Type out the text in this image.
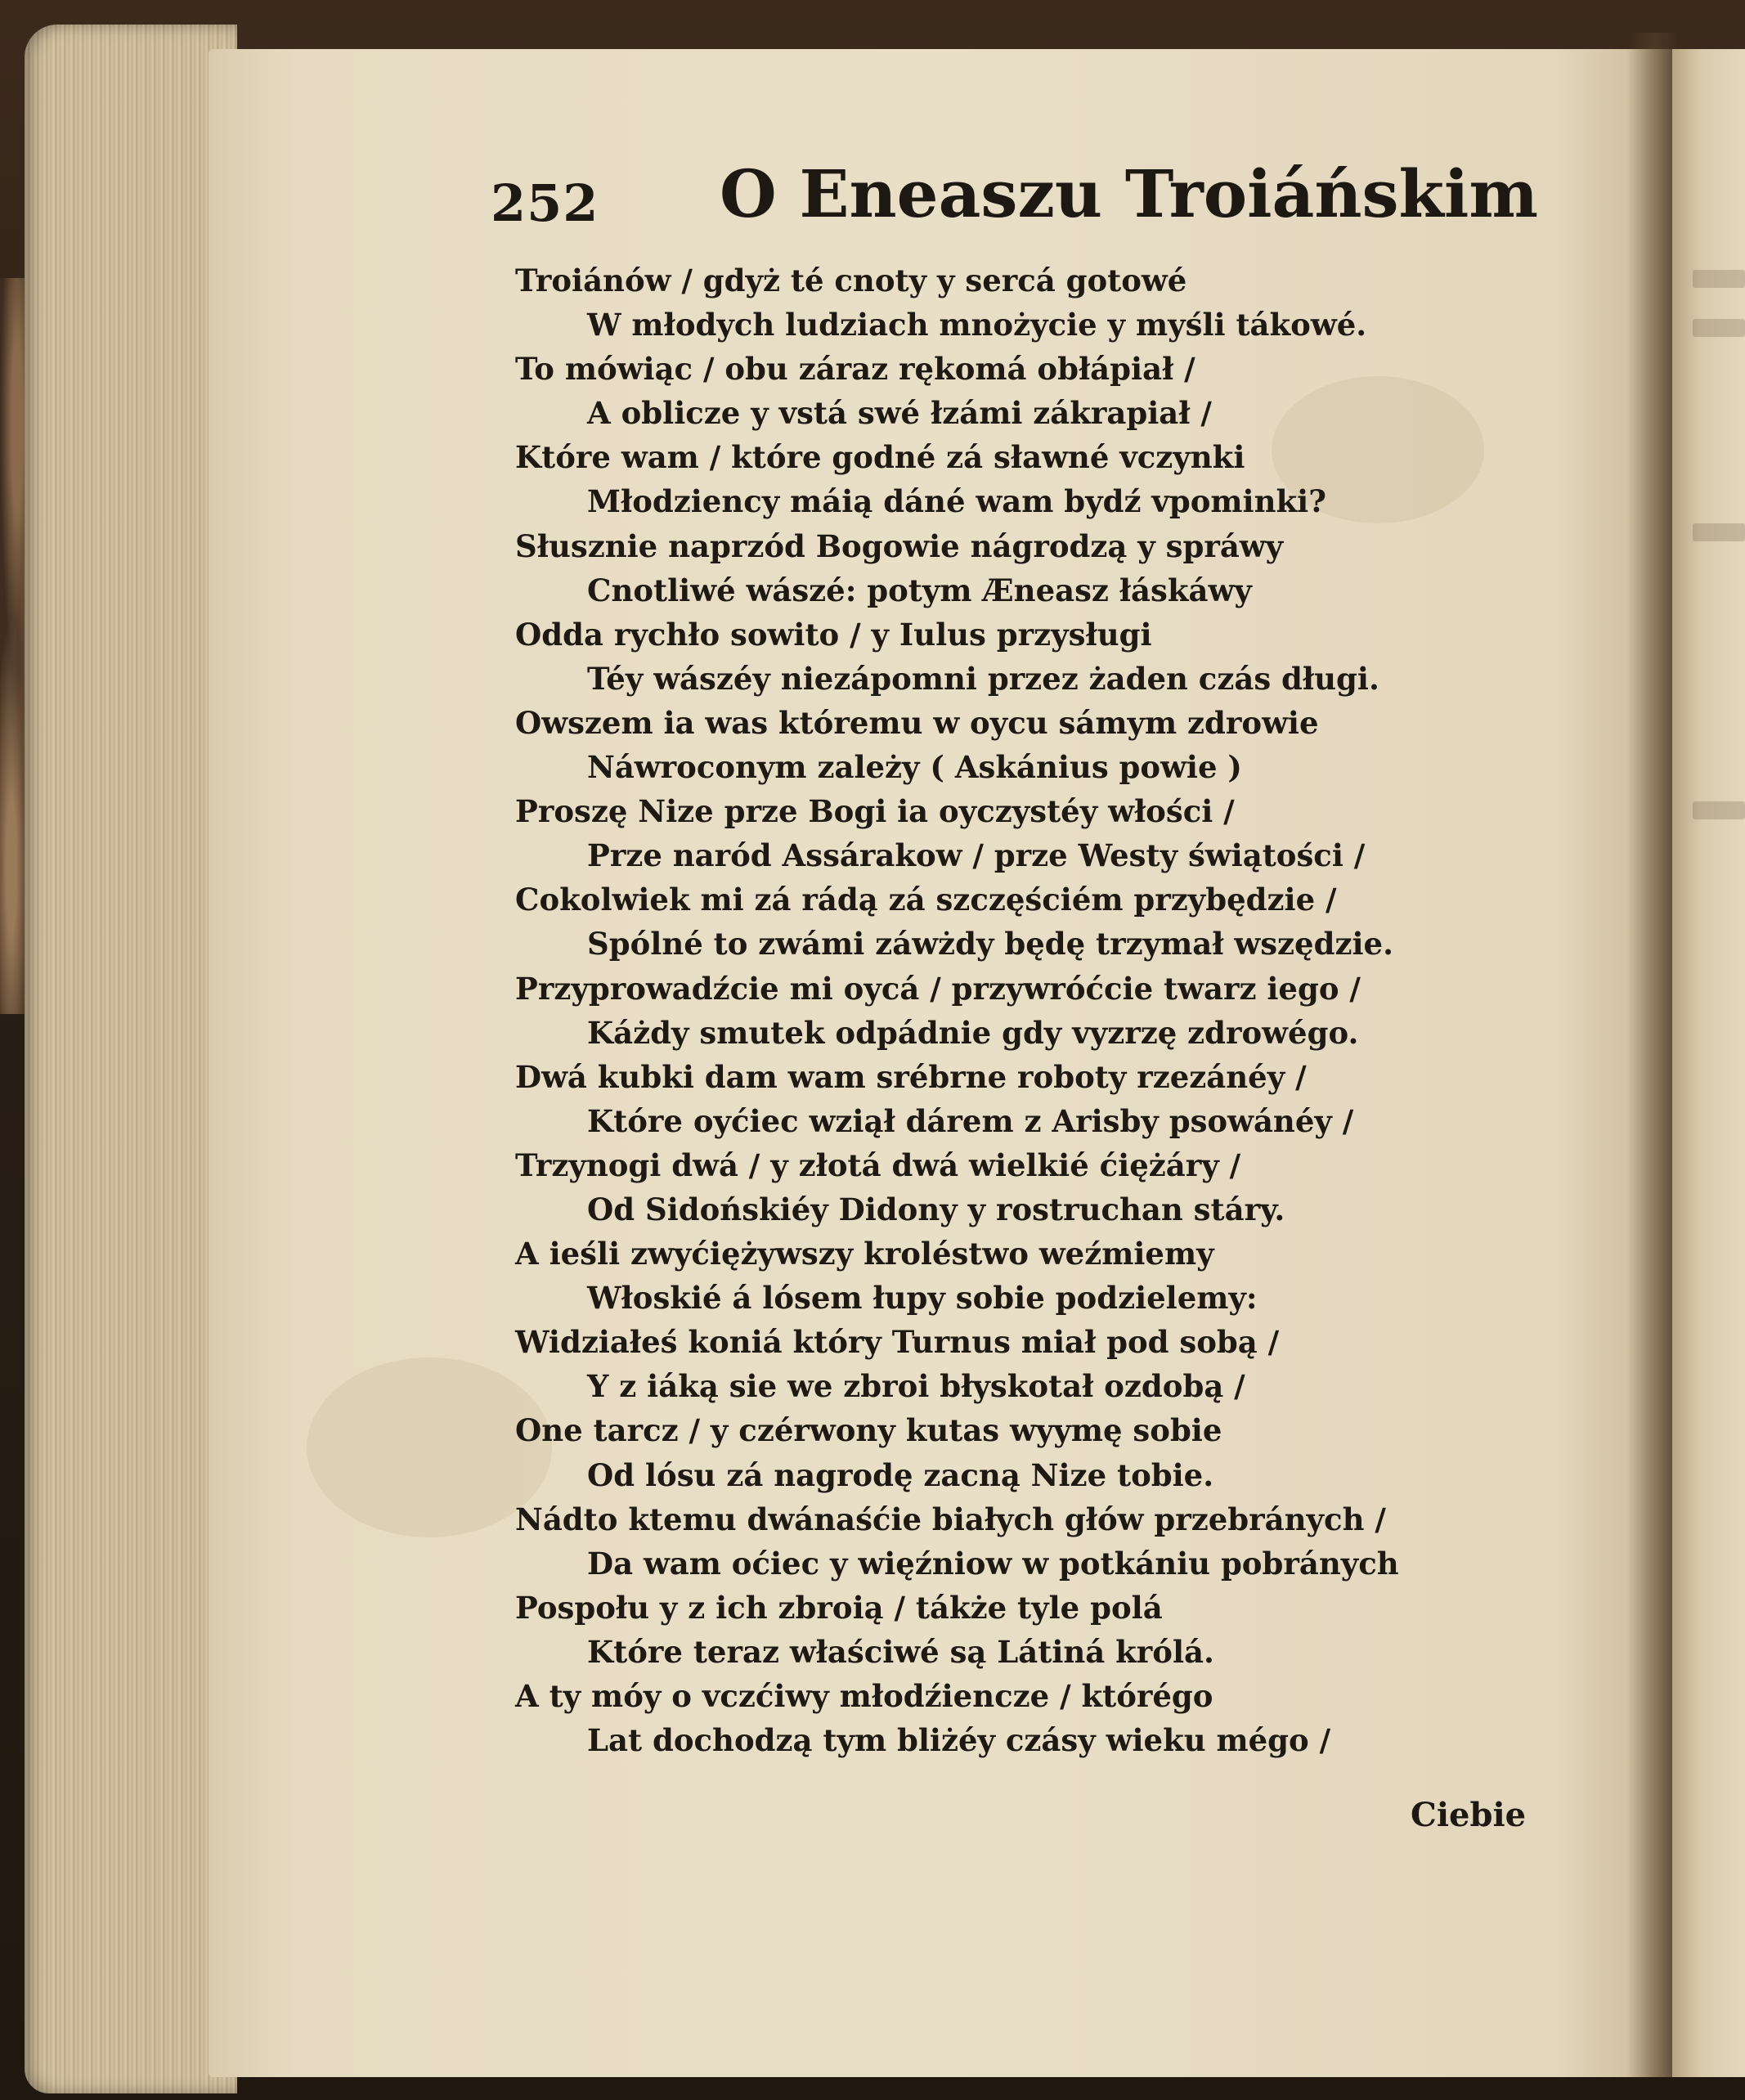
252 O Eneaszu Troiáńskim
Troiánów / gdyż té cnoty y sercá gotowé
W młodych ludziach mnożycie y myśli tákowé.
To mówiąc / obu záraz rękomá obłápiał /
A oblicze y vstá swé łzámi zákrapiał /
Które wam / które godné zá sławné vczynki
Młodziency máią dáné wam bydź vpominki?
Słusznie naprzód Bogowie nágrodzą y spráwy
Cnotliwé wászé: potym Æneasz łáskáwy
Odda rychło sowito / y Iulus przysługi
Téy wászéy niezápomni przez żaden czás długi.
Owszem ia was któremu w oycu sámym zdrowie
Náwroconym zależy ( Askánius powie )
Proszę Nize prze Bogi ia oyczystéy włości /
Prze naród Assárakow / prze Westy świątości /
Cokolwiek mi zá rádą zá szczęściém przybędzie /
Spólné to zwámi záwżdy będę trzymał wszędzie.
Przyprowadźcie mi oycá / przywróćcie twarz iego /
Káżdy smutek odpádnie gdy vyzrzę zdrowégo.
Dwá kubki dam wam srébrne roboty rzezánéy /
Które oyćiec wziął dárem z Arisby psowánéy /
Trzynogi dwá / y złotá dwá wielkié ćiężáry /
Od Sidońskiéy Didony y rostruchan stáry.
A ieśli zwyćiężywszy kroléstwo weźmiemy
Włoskié á lósem łupy sobie podzielemy:
Widziałeś koniá który Turnus miał pod sobą /
Y z iáką sie we zbroi błyskotał ozdobą /
One tarcz / y czérwony kutas wyymę sobie
Od lósu zá nagrodę zacną Nize tobie.
Nádto ktemu dwánaśćie białych głów przebránych /
Da wam oćiec y więźniow w potkániu pobránych
Pospołu y z ich zbroią / tákże tyle polá
Które teraz właściwé są Látiná królá.
A ty móy o vczćiwy młodźiencze / którégo
Lat dochodzą tym bliżéy czásy wieku mégo /
Ciebie
